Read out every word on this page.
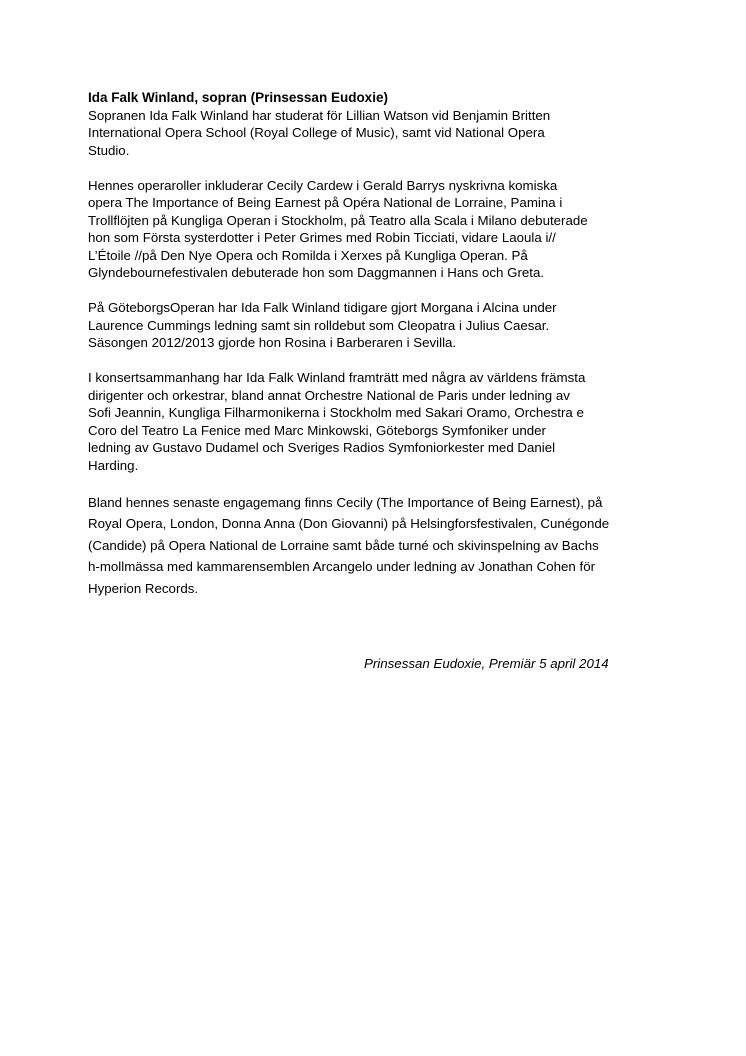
Ida Falk Winland, sopran (Prinsessan Eudoxie)

Sopranen Ida Falk Winland har studerat för Lillian Watson vid Benjamin Britten
International Opera School (Royal College of Music), samt vid National Opera
Studio.

Hennes operaroller inkluderar Cecily Cardew i Gerald Barrys nyskrivna komiska
opera The Importance of Being Earnest på Opéra National de Lorraine, Pamina i
Trollflöjten på Kungliga Operan i Stockholm, på Teatro alla Scala i Milano debuterade
hon som Första systerdotter i Peter Grimes med Robin Ticciati, vidare Laoula i//
L’Étoile //på Den Nye Opera och Romilda i Xerxes på Kungliga Operan. På
Glyndebournefestivalen debuterade hon som Daggmannen i Hans och Greta.

På GöteborgsOperan har Ida Falk Winland tidigare gjort Morgana i Alcina under
Laurence Cummings ledning samt sin rolldebut som Cleopatra i Julius Caesar.
Säsongen 2012/2013 gjorde hon Rosina i Barberaren i Sevilla.

I konsertsammanhang har Ida Falk Winland framträtt med några av världens främsta
dirigenter och orkestrar, bland annat Orchestre National de Paris under ledning av
Sofi Jeannin, Kungliga Filharmonikerna i Stockholm med Sakari Oramo, Orchestra e
Coro del Teatro La Fenice med Marc Minkowski, Göteborgs Symfoniker under
ledning av Gustavo Dudamel och Sveriges Radios Symfoniorkester med Daniel
Harding.

Bland hennes senaste engagemang finns Cecily (The Importance of Being Earnest), på
Royal Opera, London, Donna Anna (Don Giovanni) på Helsingforsfestivalen, Cunégonde
(Candide) på Opera National de Lorraine samt både turné och skivinspelning av Bachs
h-mollmässa med kammarensemblen Arcangelo under ledning av Jonathan Cohen för
Hyperion Records.

Prinsessan Eudoxie, Premiär 5 april 2014
